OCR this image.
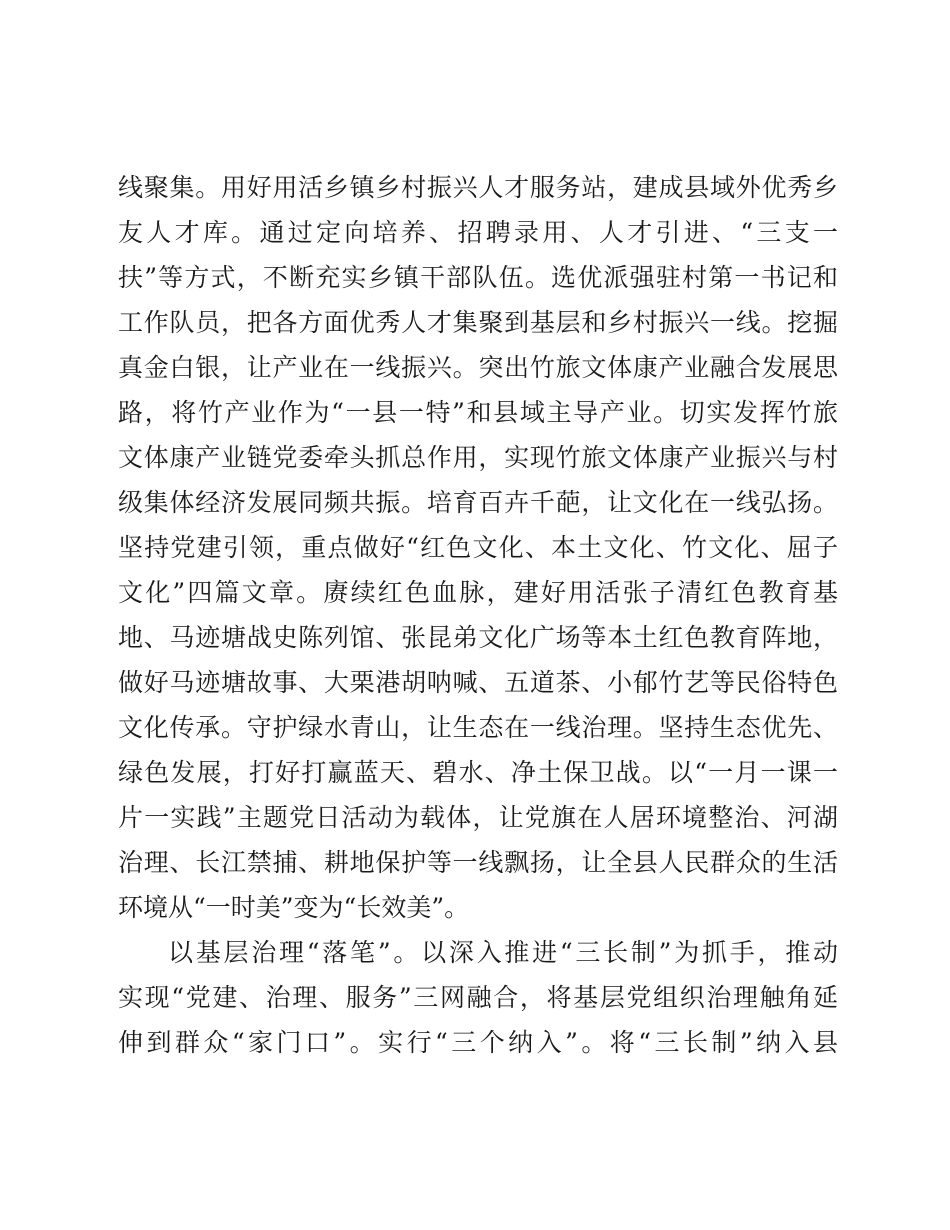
线聚集。用好用活乡镇乡村振兴人才服务站，建成县域外优秀乡
友人才库。通过定向培养、招聘录用、人才引进、“三支一
扶”等方式，不断充实乡镇干部队伍。选优派强驻村第一书记和
工作队员，把各方面优秀人才集聚到基层和乡村振兴一线。挖掘
真金白银，让产业在一线振兴。突出竹旅文体康产业融合发展思
路，将竹产业作为“一县一特”和县域主导产业。切实发挥竹旅
文体康产业链党委牵头抓总作用，实现竹旅文体康产业振兴与村
级集体经济发展同频共振。培育百卉千葩，让文化在一线弘扬。
坚持党建引领，重点做好“红色文化、本土文化、竹文化、屈子
文化”四篇文章。赓续红色血脉，建好用活张子清红色教育基
地、马迹塘战史陈列馆、张昆弟文化广场等本土红色教育阵地，
做好马迹塘故事、大栗港胡呐喊、五道茶、小郁竹艺等民俗特色
文化传承。守护绿水青山，让生态在一线治理。坚持生态优先、
绿色发展，打好打赢蓝天、碧水、净土保卫战。以“一月一课一
片一实践”主题党日活动为载体，让党旗在人居环境整治、河湖
治理、长江禁捕、耕地保护等一线飘扬，让全县人民群众的生活
环境从“一时美”变为“长效美”。
以基层治理“落笔”。以深入推进“三长制”为抓手，推动
实现“党建、治理、服务”三网融合，将基层党组织治理触角延
伸到群众“家门口”。实行“三个纳入”。将“三长制”纳入县
